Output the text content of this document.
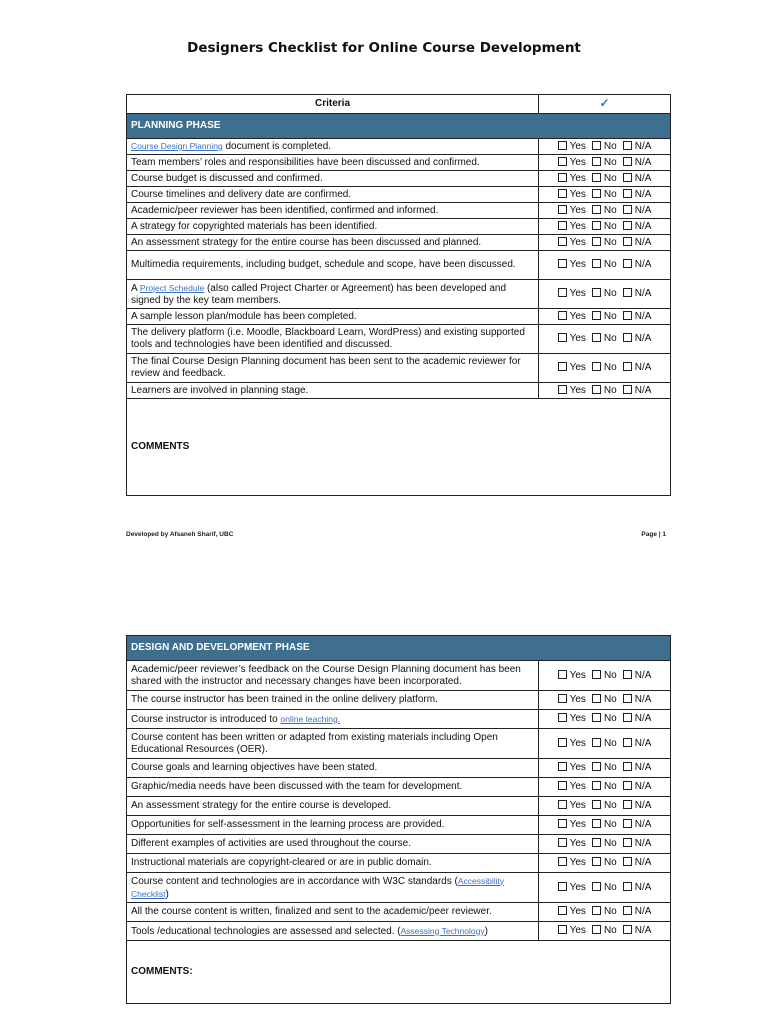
Designers Checklist for Online Course Development
Criteria	✓
PLANNING PHASE	
Course Design Planning document is completed.	Yes No N/A
Team members’ roles and responsibilities have been discussed and confirmed.	Yes No N/A
Course budget is discussed and confirmed.	Yes No N/A
Course timelines and delivery date are confirmed.	Yes No N/A
Academic/peer reviewer has been identified, confirmed and informed.	Yes No N/A
A strategy for copyrighted materials has been identified.	Yes No N/A
An assessment strategy for the entire course has been discussed and planned.	Yes No N/A
Multimedia requirements, including budget, schedule and scope, have been discussed.	Yes No N/A
A Project Schedule (also called Project Charter or Agreement) has been developed and signed by the key team members.	Yes No N/A
A sample lesson plan/module has been completed.	Yes No N/A
The delivery platform (i.e. Moodle, Blackboard Learn, WordPress) and existing supported tools and technologies have been identified and discussed.	Yes No N/A
The final Course Design Planning document has been sent to the academic reviewer for review and feedback.	Yes No N/A
Learners are involved in planning stage.	Yes No N/A
COMMENTS	
Developed by Afsaneh Sharif, UBC	Page | 1
DESIGN AND DEVELOPMENT PHASE	
Academic/peer reviewer’s feedback on the Course Design Planning document has been shared with the instructor and necessary changes have been incorporated.	Yes No N/A
The course instructor has been trained in the online delivery platform.	Yes No N/A
Course instructor is introduced to online teaching.	Yes No N/A
Course content has been written or adapted from existing materials including Open Educational Resources (OER).	Yes No N/A
Course goals and learning objectives have been stated.	Yes No N/A
Graphic/media needs have been discussed with the team for development.	Yes No N/A
An assessment strategy for the entire course is developed.	Yes No N/A
Opportunities for self-assessment in the learning process are provided.	Yes No N/A
Different examples of activities are used throughout the course.	Yes No N/A
Instructional materials are copyright-cleared or are in public domain.	Yes No N/A
Course content and technologies are in accordance with W3C standards (Accessibility Checklist)	Yes No N/A
All the course content is written, finalized and sent to the academic/peer reviewer.	Yes No N/A
Tools /educational technologies are assessed and selected. (Assessing Technology)	Yes No N/A
COMMENTS:	
